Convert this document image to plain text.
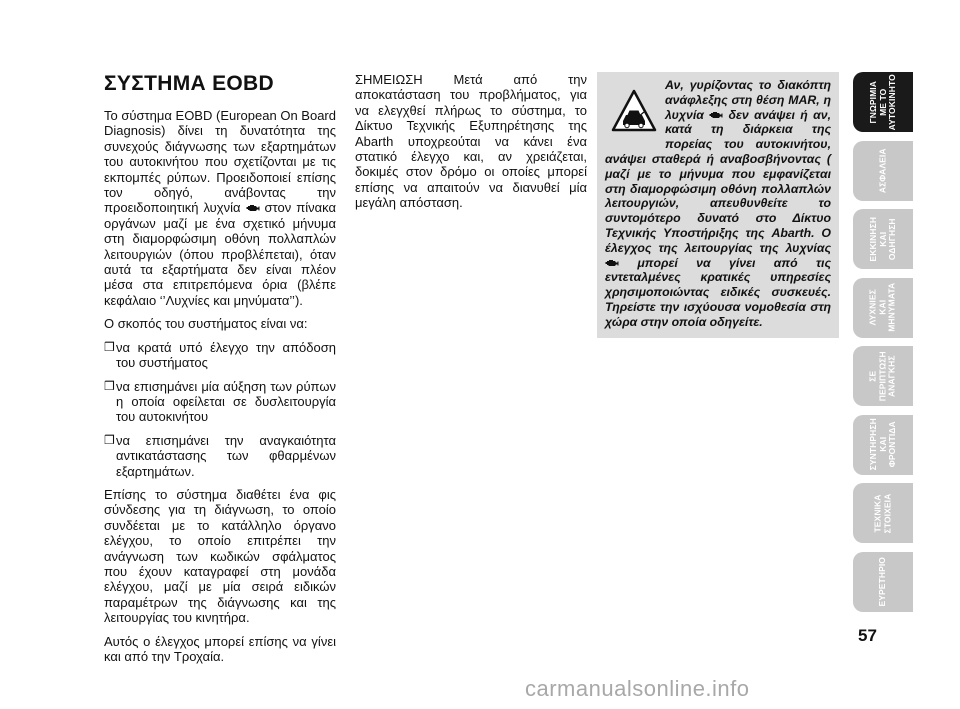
ΣΥΣΤΗΜΑ EOBD
Το σύστημα EOBD (European On Board Diagnosis) δίνει τη δυνατότητα της συνεχούς διάγνωσης των εξαρτημάτων του αυτοκινήτου που σχετίζονται με τις εκπομπές ρύπων. Προειδοποιεί επίσης τον οδηγό, ανάβοντας την προειδοποιητική λυχνία στον πίνακα οργάνων μαζί με ένα σχετικό μήνυμα στη διαμορφώσιμη οθόνη πολλαπλών λειτουργιών (όπου προβλέπεται), όταν αυτά τα εξαρτήματα δεν είναι πλέον μέσα στα επιτρεπόμενα όρια (βλέπε κεφάλαιο ‘’Λυχνίες και μηνύματα’’).
Ο σκοπός του συστήματος είναι να:
❒ να κρατά υπό έλεγχο την απόδοση του συστήματος
❒ να επισημάνει μία αύξηση των ρύπων η οποία οφείλεται σε δυσλειτουργία του αυτοκινήτου
❒ να επισημάνει την αναγκαιότητα αντικατάστασης των φθαρμένων εξαρτημάτων.
Επίσης το σύστημα διαθέτει ένα φις σύνδεσης για τη διάγνωση, το οποίο συνδέεται με το κατάλληλο όργανο ελέγχου, το οποίο επιτρέπει την ανάγνωση των κωδικών σφάλματος που έχουν καταγραφεί στη μονάδα ελέγχου, μαζί με μία σειρά ειδικών παραμέτρων της διάγνωσης και της λειτουργίας του κινητήρα.
Αυτός ο έλεγχος μπορεί επίσης να γίνει και από την Τροχαία.
ΣΗΜΕΙΩΣΗ Μετά από την αποκατάσταση του προβλήματος, για να ελεγχθεί πλήρως το σύστημα, το Δίκτυο Τεχνικής Εξυπηρέτησης της Abarth υποχρεούται να κάνει ένα στατικό έλεγχο και, αν χρειάζεται, δοκιμές στον δρόμο οι οποίες μπορεί επίσης να απαιτούν να διανυθεί μία μεγάλη απόσταση.
Αν, γυρίζοντας το διακόπτη ανάφλεξης στη θέση MAR, η λυχνία δεν ανάψει ή αν, κατά τη διάρκεια της πορείας του αυτοκινήτου, ανάψει σταθερά ή αναβοσβήνοντας ( μαζί με το μήνυμα που εμφανίζεται στη διαμορφώσιμη οθόνη πολλαπλών λειτουργιών, απευθυνθείτε το συντομότερο δυνατό στο Δίκτυο Τεχνικής Υποστήριξης της Abarth. Ο έλεγχος της λειτουργίας της λυχνίας  μπορεί να γίνει από τις εντεταλμένες κρατικές υπηρεσίες χρησιμοποιώντας ειδικές συσκευές. Τηρείστε την ισχύουσα νομοθεσία στη χώρα στην οποία οδηγείτε.
ΓΝΩΡΙΜΙΑ
ΜΕ ΤΟ
ΑΥΤΟΚΙΝΗΤΟ
ΑΣΦΑΛΕΙΑ
ΕΚΚΙΝΗΣΗ
ΚΑΙ
ΟΔΗΓΗΣΗ
ΛΥΧΝΙΕΣ
ΚΑΙ
ΜΗΝΥΜΑΤΑ
ΣΕ
ΠΕΡΙΠΤΩΣΗ
ΑΝΑΓΚΗΣ
ΣΥΝΤΗΡΗΣΗ
ΚΑΙ
ΦΡΟΝΤΙΔΑ
ΤΕΧΝΙΚΑ
ΣΤΟΙΧΕΙΑ
ΕΥΡΕΤΗΡΙΟ
57
carmanualsonline.info
